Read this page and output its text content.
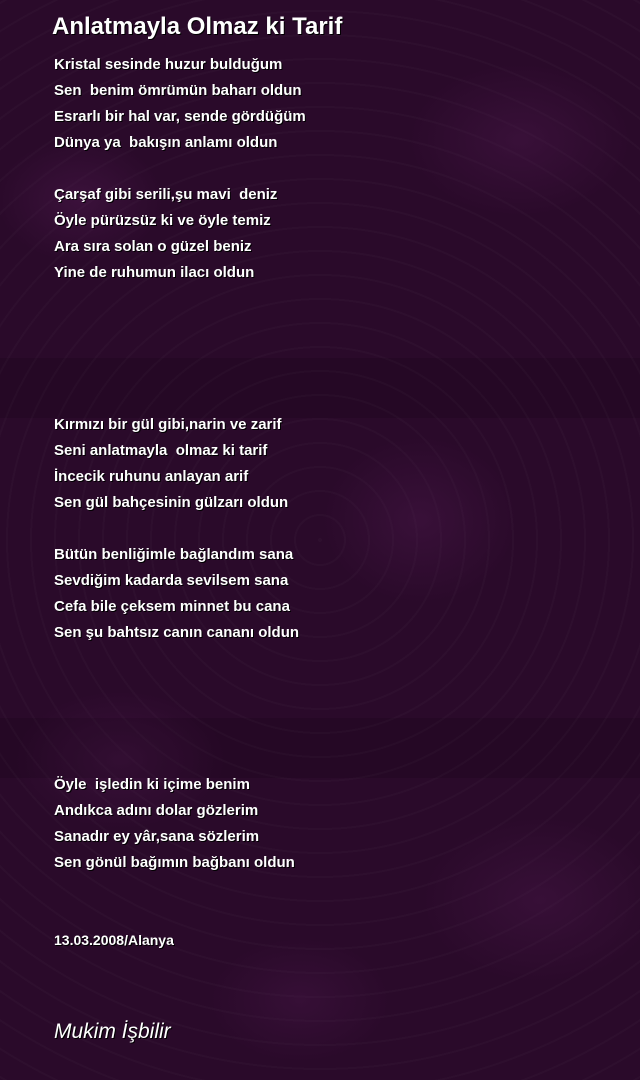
Anlatmayla Olmaz ki Tarif
Kristal sesinde huzur bulduğum
Sen  benim ömrümün baharı oldun
Esrarlı bir hal var, sende gördüğüm
Dünya ya  bakışın anlamı oldun
Çarşaf gibi serili,şu mavi  deniz
Öyle pürüzsüz ki ve öyle temiz
Ara sıra solan o güzel beniz
Yine de ruhumun ilacı oldun
Kırmızı bir gül gibi,narin ve zarif
Seni anlatmayla  olmaz ki tarif
İncecik ruhunu anlayan arif
Sen gül bahçesinin gülzarı oldun
Bütün benliğimle bağlandım sana
Sevdiğim kadarda sevilsem sana
Cefa bile çeksem minnet bu cana
Sen şu bahtsız canın cananı oldun
Öyle  işledin ki içime benim
Andıkca adını dolar gözlerim
Sanadır ey yâr,sana sözlerim
Sen gönül bağımın bağbanı oldun
13.03.2008/Alanya
Mukim İşbilir
